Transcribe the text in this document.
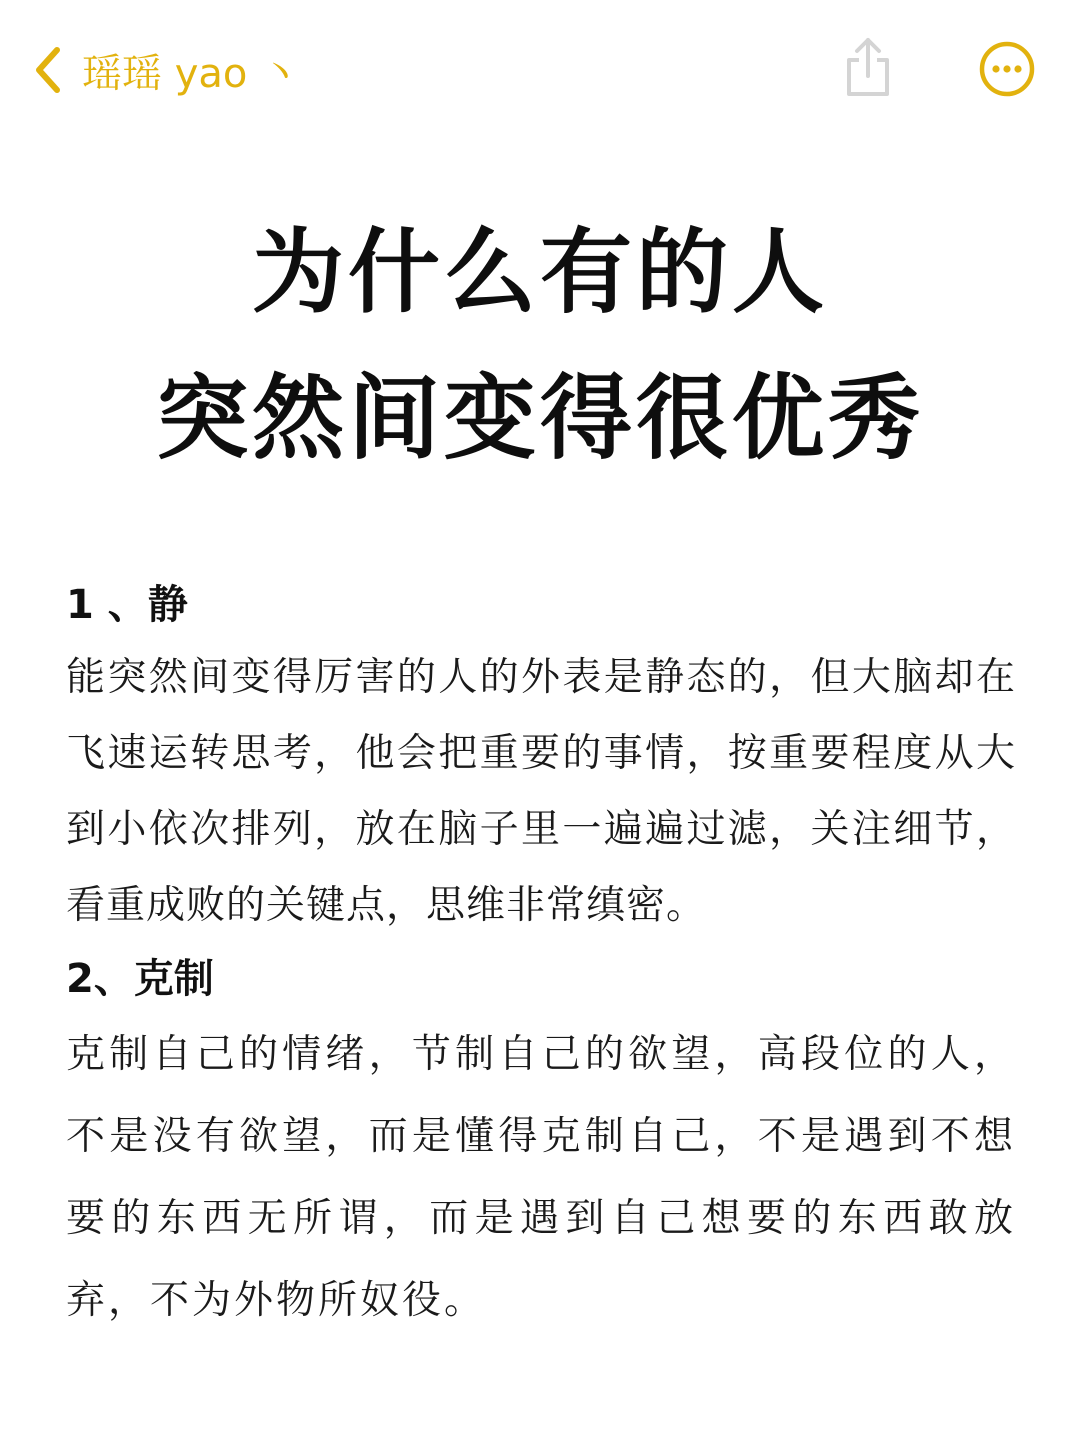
瑶瑶 yao 丶
为什么有的人
突然间变得很优秀
1 、静

能突然间变得厉害的人的外表是静态的，但大脑却在飞速运转思考，他会把重要的事情，按重要程度从大到小依次排列，放在脑子里一遍遍过滤，关注细节，看重成败的关键点，思维非常缜密。

2、克制

克制自己的情绪，节制自己的欲望，高段位的人，不是没有欲望，而是懂得克制自己，不是遇到不想要的东西无所谓，而是遇到自己想要的东西敢放弃，不为外物所奴役。
